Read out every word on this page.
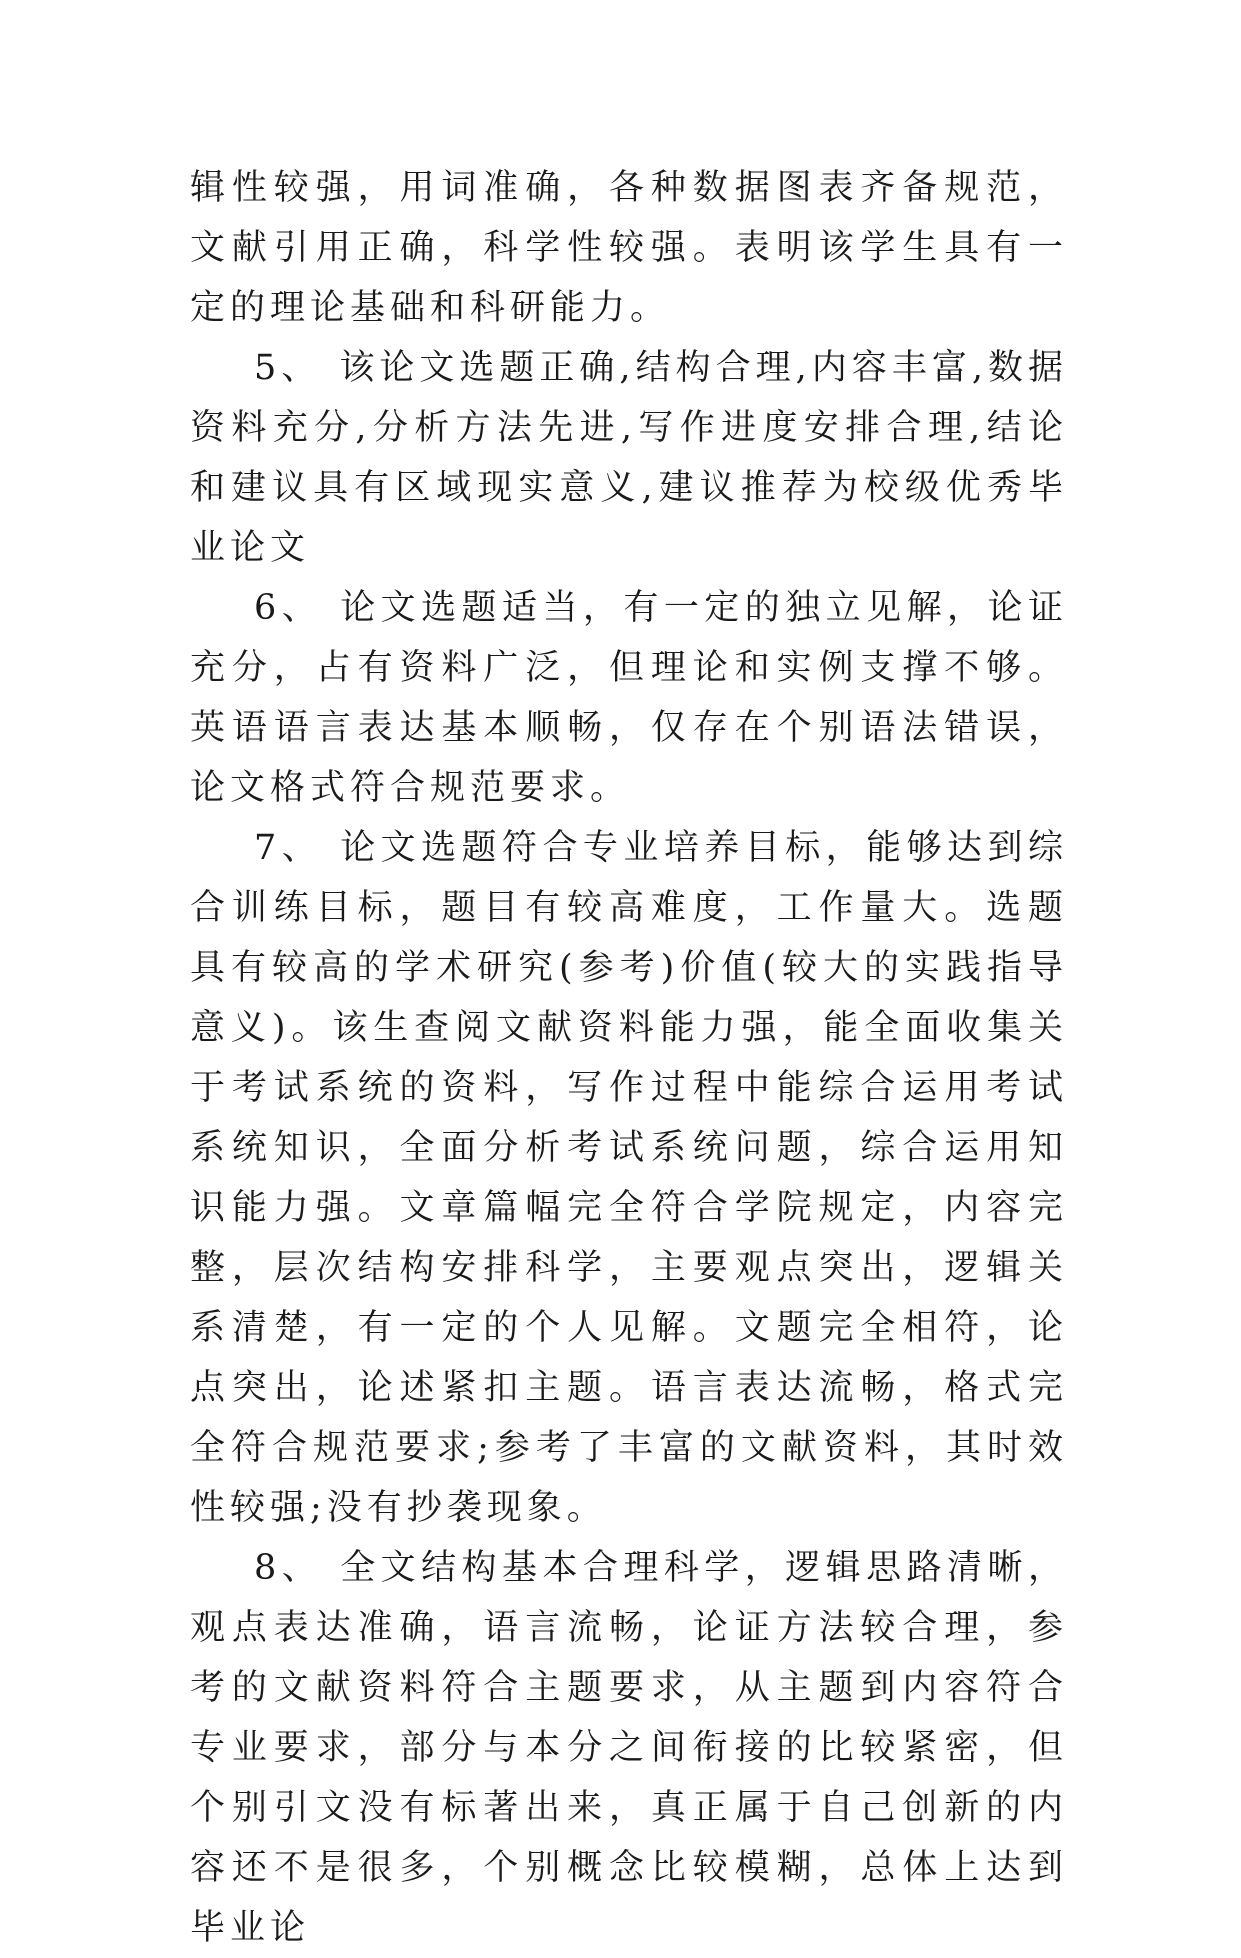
辑性较强，用词准确，各种数据图表齐备规范，文献引用正确，科学性较强。表明该学生具有一定的理论基础和科研能力。

5、 该论文选题正确,结构合理,内容丰富,数据资料充分,分析方法先进,写作进度安排合理,结论和建议具有区域现实意义,建议推荐为校级优秀毕业论文

6、 论文选题适当，有一定的独立见解，论证充分，占有资料广泛，但理论和实例支撑不够。英语语言表达基本顺畅，仅存在个别语法错误，论文格式符合规范要求。

7、 论文选题符合专业培养目标，能够达到综合训练目标，题目有较高难度，工作量大。选题具有较高的学术研究(参考)价值(较大的实践指导意义)。该生查阅文献资料能力强，能全面收集关于考试系统的资料，写作过程中能综合运用考试系统知识，全面分析考试系统问题，综合运用知识能力强。文章篇幅完全符合学院规定，内容完整，层次结构安排科学，主要观点突出，逻辑关系清楚，有一定的个人见解。文题完全相符，论点突出，论述紧扣主题。语言表达流畅，格式完全符合规范要求;参考了丰富的文献资料，其时效性较强;没有抄袭现象。

8、 全文结构基本合理科学，逻辑思路清晰，观点表达准确，语言流畅，论证方法较合理，参考的文献资料符合主题要求，从主题到内容符合专业要求，部分与本分之间衔接的比较紧密，但个别引文没有标著出来，真正属于自己创新的内容还不是很多，个别概念比较模糊，总体上达到毕业论
